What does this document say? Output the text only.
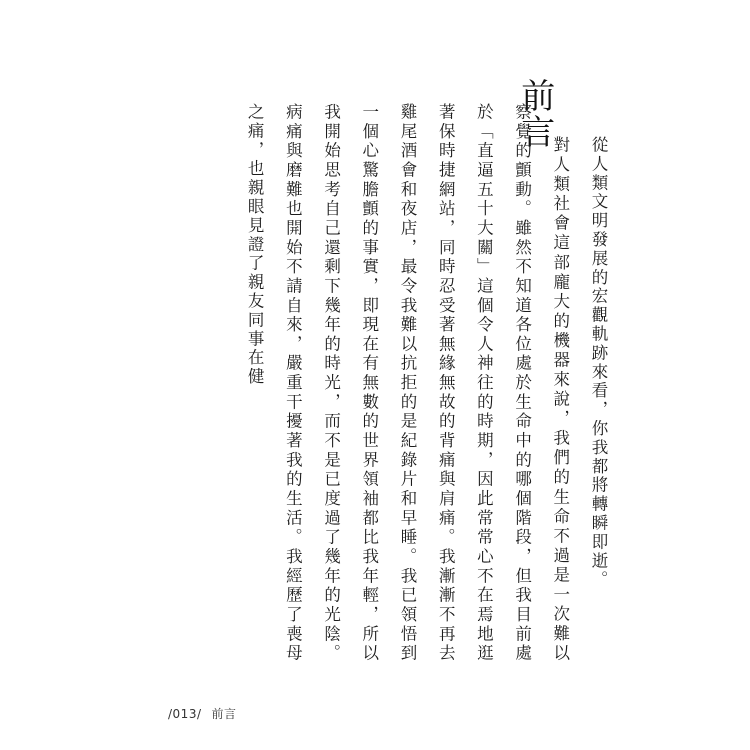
前言

從人類文明發展的宏觀軌跡來看，你我都將轉瞬即逝。

對人類社會這部龐大的機器來說，我們的生命不過是一次難以察覺的顫動。雖然不知道各位處於生命中的哪個階段，但我目前處於「直逼五十大關」這個令人神往的時期，因此常常心不在焉地逛著保時捷網站，同時忍受著無緣無故的背痛與肩痛。我漸漸不再去雞尾酒會和夜店，最令我難以抗拒的是紀錄片和早睡。我已領悟到一個心驚膽顫的事實，即現在有無數的世界領袖都比我年輕，所以我開始思考自己還剩下幾年的時光，而不是已度過了幾年的光陰。病痛與磨難也開始不請自來，嚴重干擾著我的生活。我經歷了喪母之痛，也親眼見證了親友同事在健

/013/ 前言
